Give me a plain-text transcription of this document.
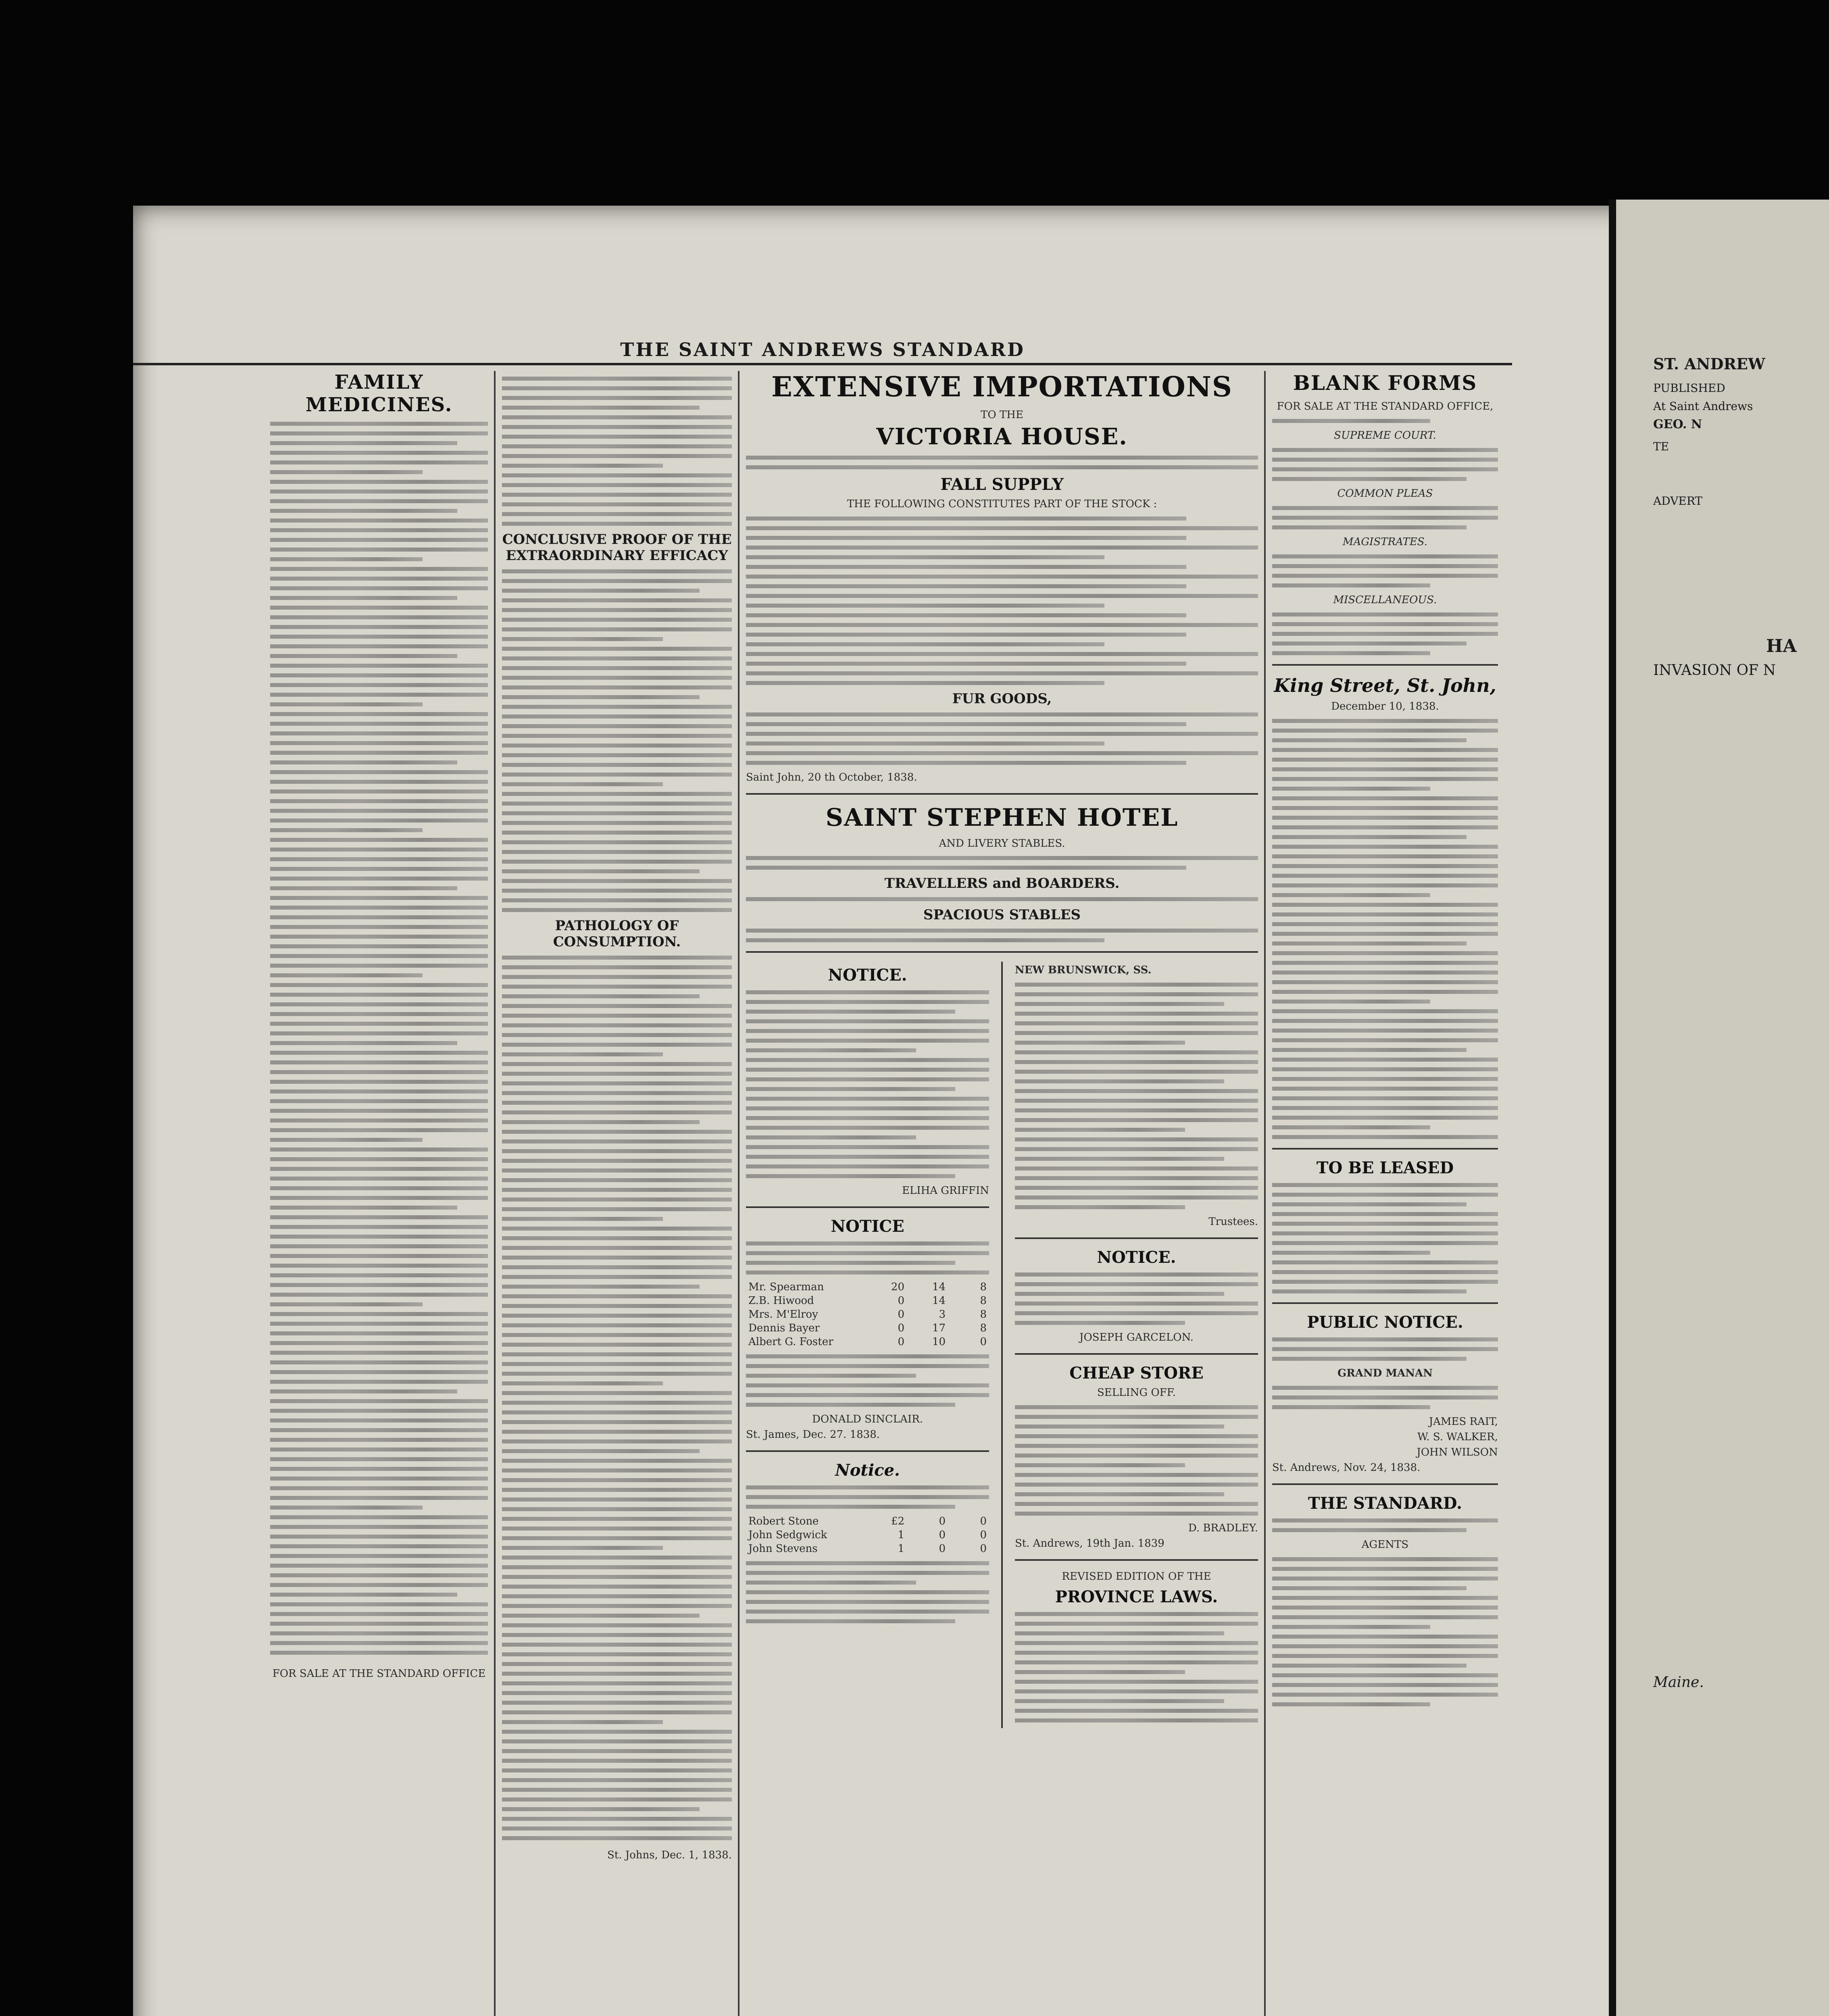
THE SAINT ANDREWS STANDARD
FAMILY MEDICINES.
FOR SALE AT THE STANDARD OFFICE
CONCLUSIVE PROOF OF THE EXTRAORDINARY EFFICACY
PATHOLOGY OF CONSUMPTION.
St. Johns, Dec. 1, 1838.
EXTENSIVE IMPORTATIONS
TO THE
VICTORIA HOUSE.
FALL SUPPLY
THE FOLLOWING CONSTITUTES PART OF THE STOCK :
FUR GOODS,
Saint John, 20 th October, 1838.
SAINT STEPHEN HOTEL
AND LIVERY STABLES.
TRAVELLERS and BOARDERS.
SPACIOUS STABLES
NOTICE.
ELIHA GRIFFIN
NOTICE
Mr. Spearman	20	14	8
Z.B. Hiwood	0	14	8
Mrs. M'Elroy	0	3	8
Dennis Bayer	0	17	8
Albert G. Foster	0	10	0
DONALD SINCLAIR.
St. James, Dec. 27. 1838.
Notice.
Robert Stone	£2	0	0
John Sedgwick	1	0	0
John Stevens	1	0	0
NEW BRUNSWICK, SS.
Trustees.
NOTICE.
JOSEPH GARCELON.
CHEAP STORE
SELLING OFF.
D. BRADLEY.
St. Andrews, 19th Jan. 1839
REVISED EDITION OF THE
PROVINCE LAWS.
BLANK FORMS
FOR SALE AT THE STANDARD OFFICE,
SUPREME COURT.
COMMON PLEAS
MAGISTRATES.
MISCELLANEOUS.
King Street, St. John,
December 10, 1838.
TO BE LEASED
PUBLIC NOTICE.
GRAND MANAN
JAMES RAIT,
W. S. WALKER,
JOHN WILSON
St. Andrews, Nov. 24, 1838.
THE STANDARD.
AGENTS
ST. ANDREW
PUBLISHED
At Saint Andrews
GEO. N
TE
ADVERT
HA
INVASION OF N
Maine.
